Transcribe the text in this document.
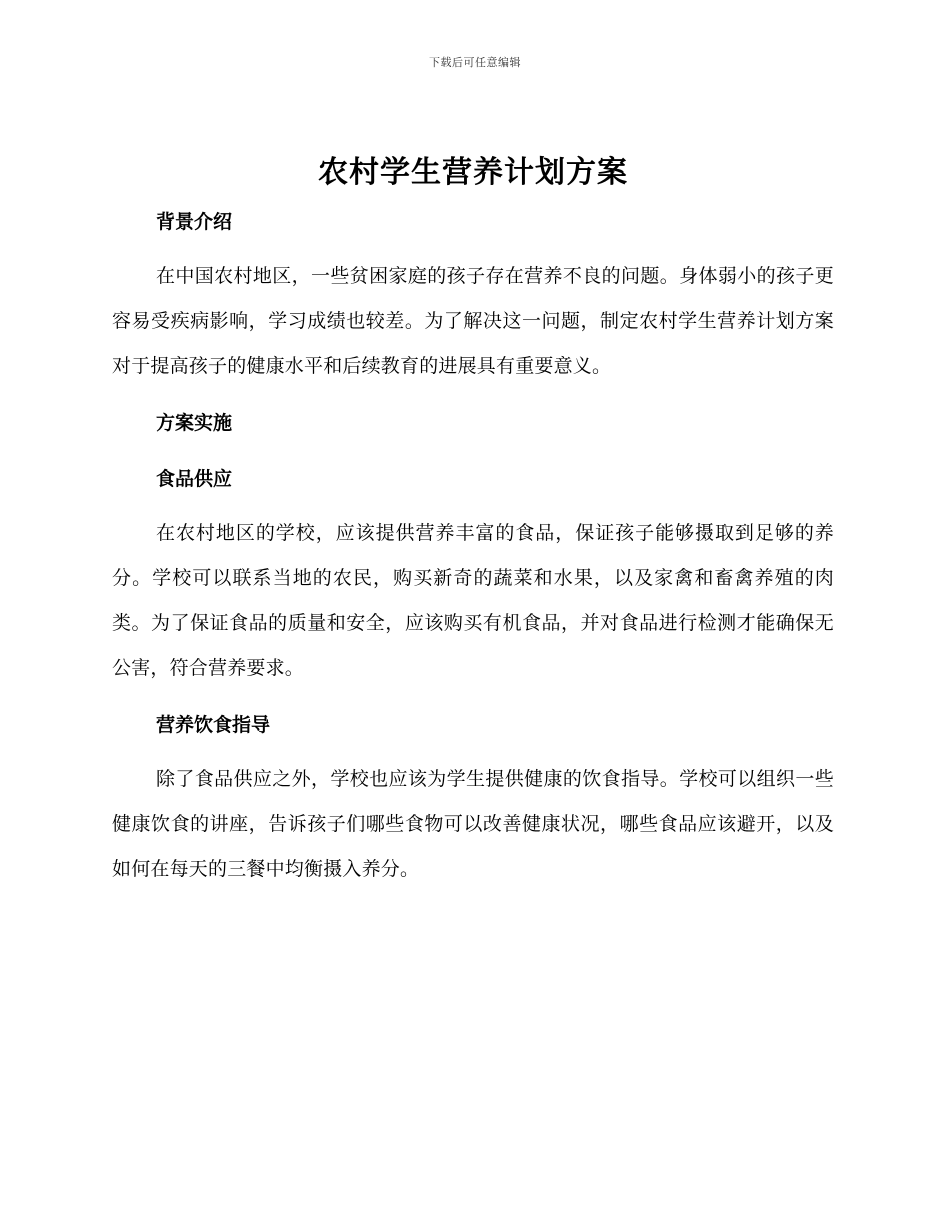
下载后可任意编辑
农村学生营养计划方案
背景介绍

在中国农村地区，一些贫困家庭的孩子存在营养不良的问题。身体弱小的孩子更容易受疾病影响，学习成绩也较差。为了解决这一问题，制定农村学生营养计划方案对于提高孩子的健康水平和后续教育的进展具有重要意义。

方案实施
食品供应

在农村地区的学校，应该提供营养丰富的食品，保证孩子能够摄取到足够的养分。学校可以联系当地的农民，购买新奇的蔬菜和水果，以及家禽和畜禽养殖的肉类。为了保证食品的质量和安全，应该购买有机食品，并对食品进行检测才能确保无公害，符合营养要求。

营养饮食指导

除了食品供应之外，学校也应该为学生提供健康的饮食指导。学校可以组织一些健康饮食的讲座，告诉孩子们哪些食物可以改善健康状况，哪些食品应该避开，以及如何在每天的三餐中均衡摄入养分。
